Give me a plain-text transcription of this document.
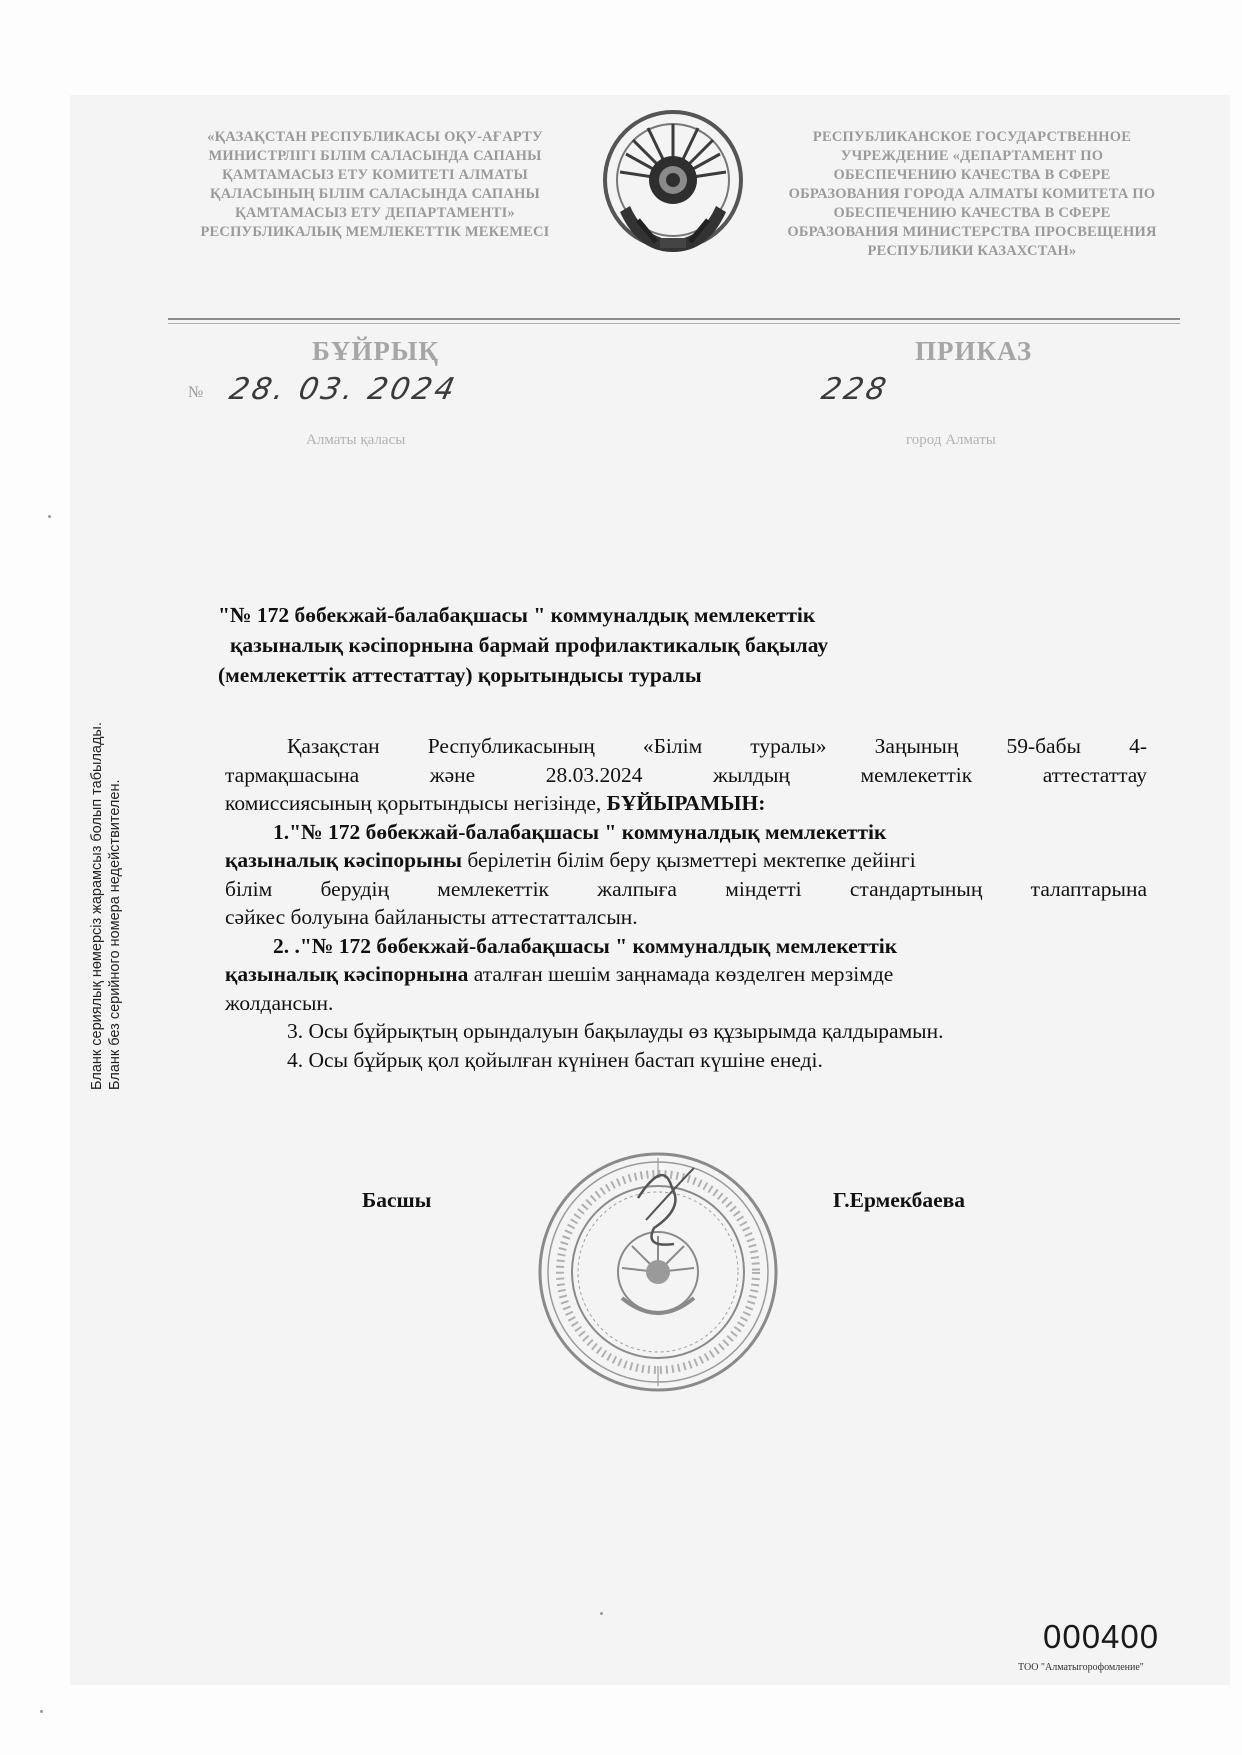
«ҚАЗАҚСТАН РЕСПУБЛИКАСЫ ОҚУ-АҒАРТУ
МИНИСТРЛІГІ БІЛІМ САЛАСЫНДА САПАНЫ
ҚАМТАМАСЫЗ ЕТУ КОМИТЕТІ АЛМАТЫ
ҚАЛАСЫНЫҢ БІЛІМ САЛАСЫНДА САПАНЫ
ҚАМТАМАСЫЗ ЕТУ ДЕПАРТАМЕНТІ»
РЕСПУБЛИКАЛЫҚ МЕМЛЕКЕТТІК МЕКЕМЕСІ
РЕСПУБЛИКАНСКОЕ ГОСУДАРСТВЕННОЕ
УЧРЕЖДЕНИЕ «ДЕПАРТАМЕНТ ПО
ОБЕСПЕЧЕНИЮ КАЧЕСТВА В СФЕРЕ
ОБРАЗОВАНИЯ ГОРОДА АЛМАТЫ КОМИТЕТА ПО
ОБЕСПЕЧЕНИЮ КАЧЕСТВА В СФЕРЕ
ОБРАЗОВАНИЯ МИНИСТЕРСТВА ПРОСВЕЩЕНИЯ
РЕСПУБЛИКИ КАЗАХСТАН»
БҰЙРЫҚ	ПРИКАЗ
№ 28. 03. 2024	228
Алматы қаласы	город Алматы
Бланк сериялық нөмерсіз жарамсыз болып табылады. Бланк без серийного номера недействителен.
"№ 172 бөбекжай-балабақшасы " коммуналдық мемлекеттік
қазыналық кәсіпорнына бармай профилактикалық бақылау
(мемлекеттік аттестаттау) қорытындысы туралы
Қазақстан Республикасының «Білім туралы» Заңының 59-бабы 4-
тармақшасына және 28.03.2024 жылдың мемлекеттік аттестаттау
комиссиясының қорытындысы негізінде, БҰЙЫРАМЫН:
1."№ 172 бөбекжай-балабақшасы " коммуналдық мемлекеттік
қазыналық кәсіпорыны берілетін білім беру қызметтері мектепке дейінгі
білім берудің мемлекеттік жалпыға міндетті стандартының талаптарына
сәйкес болуына байланысты аттестатталсын.
2. ."№ 172 бөбекжай-балабақшасы " коммуналдық мемлекеттік
қазыналық кәсіпорнына аталған шешім заңнамада көзделген мерзімде
жолдансын.
3. Осы бұйрықтың орындалуын бақылауды өз құзырымда қалдырамын.
4. Осы бұйрық қол қойылған күнінен бастап күшіне енеді.
Басшы	Г.Ермекбаева
000400
ТОО "Алматыгорофомление"
